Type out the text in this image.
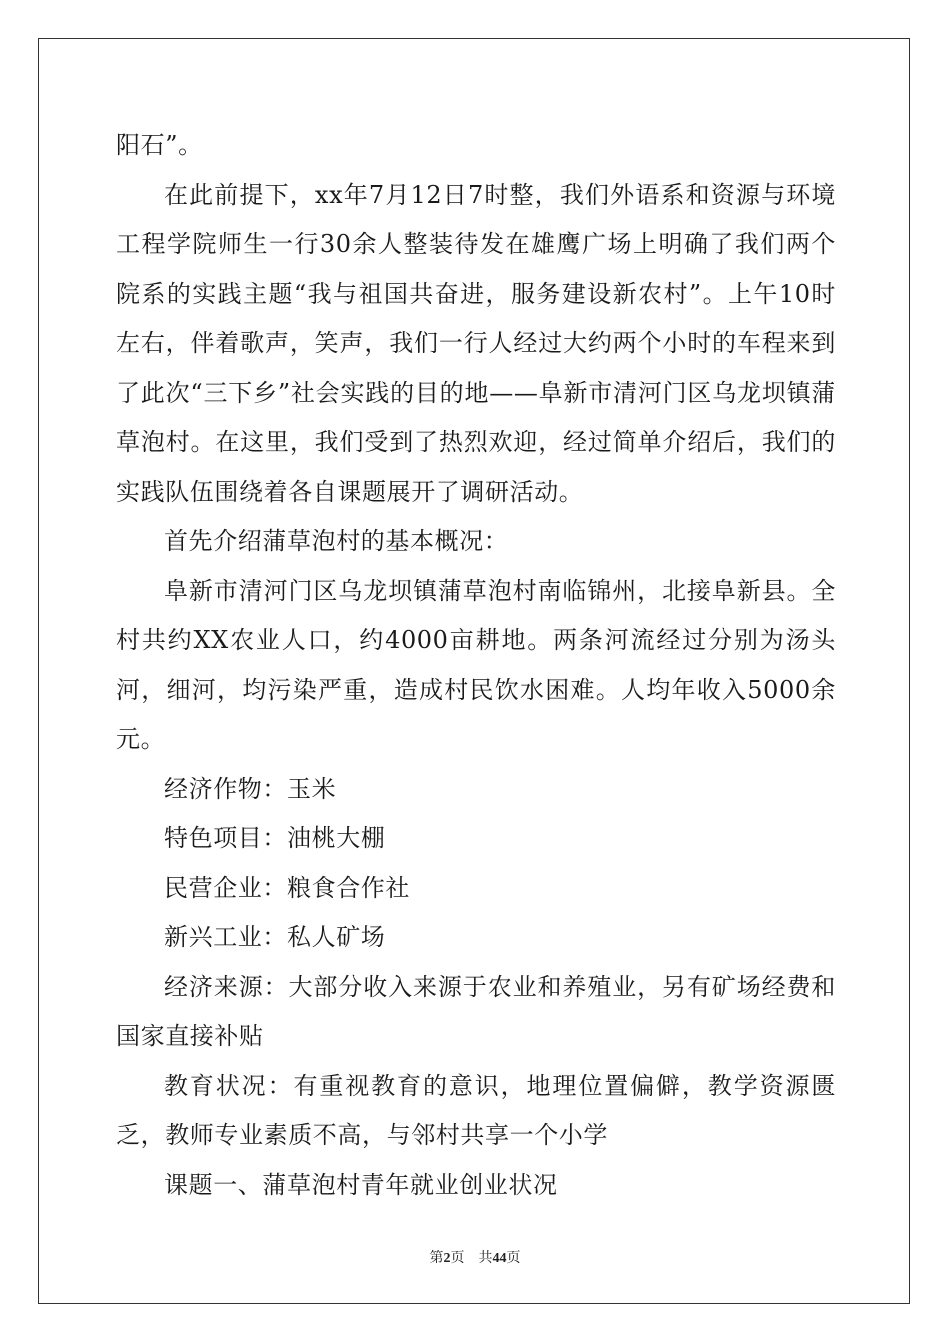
阳石”。

在此前提下，xx年7月12日7时整，我们外语系和资源与环境工程学院师生一行30余人整装待发在雄鹰广场上明确了我们两个院系的实践主题“我与祖国共奋进，服务建设新农村”。上午10时左右，伴着歌声，笑声，我们一行人经过大约两个小时的车程来到了此次“三下乡”社会实践的目的地——阜新市清河门区乌龙坝镇蒲草泡村。在这里，我们受到了热烈欢迎，经过简单介绍后，我们的实践队伍围绕着各自课题展开了调研活动。

首先介绍蒲草泡村的基本概况：

阜新市清河门区乌龙坝镇蒲草泡村南临锦州，北接阜新县。全村共约XX农业人口，约4000亩耕地。两条河流经过分别为汤头河，细河，均污染严重，造成村民饮水困难。人均年收入5000余元。

经济作物：玉米

特色项目：油桃大棚

民营企业：粮食合作社

新兴工业：私人矿场

经济来源：大部分收入来源于农业和养殖业，另有矿场经费和国家直接补贴

教育状况：有重视教育的意识，地理位置偏僻，教学资源匮乏，教师专业素质不高，与邻村共享一个小学

课题一、蒲草泡村青年就业创业状况

第2页 共44页
